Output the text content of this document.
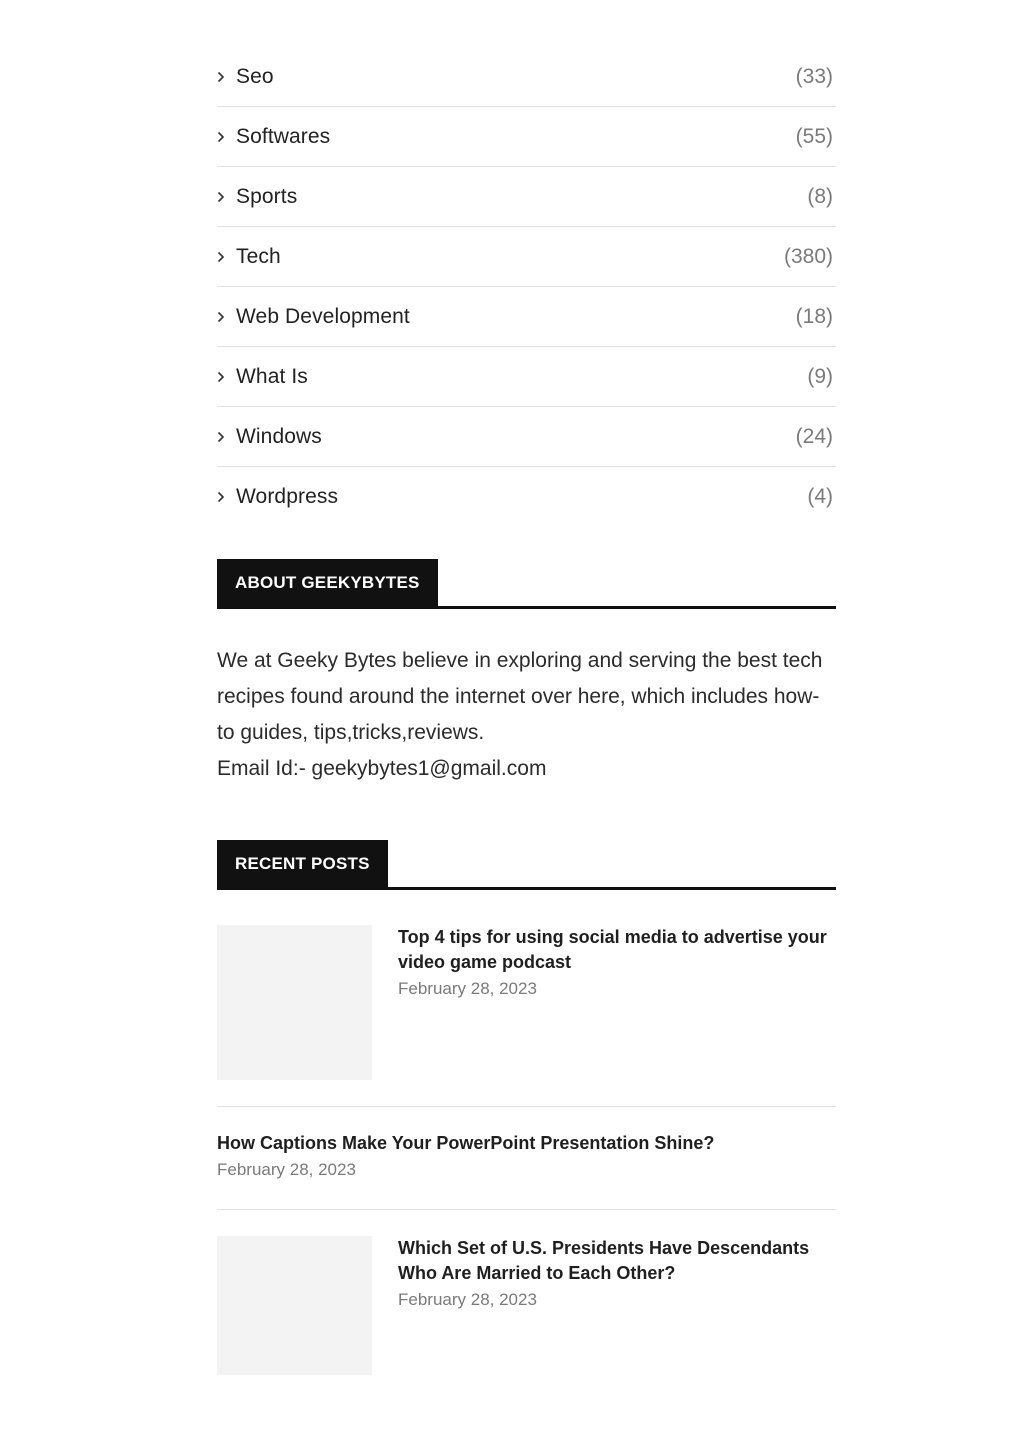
Seo	(33)
Softwares	(55)
Sports	(8)
Tech	(380)
Web Development	(18)
What Is	(9)
Windows	(24)
Wordpress	(4)
ABOUT GEEKYBYTES

We at Geeky Bytes believe in exploring and serving the best tech recipes found around the internet over here, which includes how-to guides, tips,tricks,reviews.

Email Id:- geekybytes1@gmail.com

RECENT POSTS
Top 4 tips for using social media to advertise your video game podcast
February 28, 2023
How Captions Make Your PowerPoint Presentation Shine?
February 28, 2023
Which Set of U.S. Presidents Have Descendants Who Are Married to Each Other?
February 28, 2023
